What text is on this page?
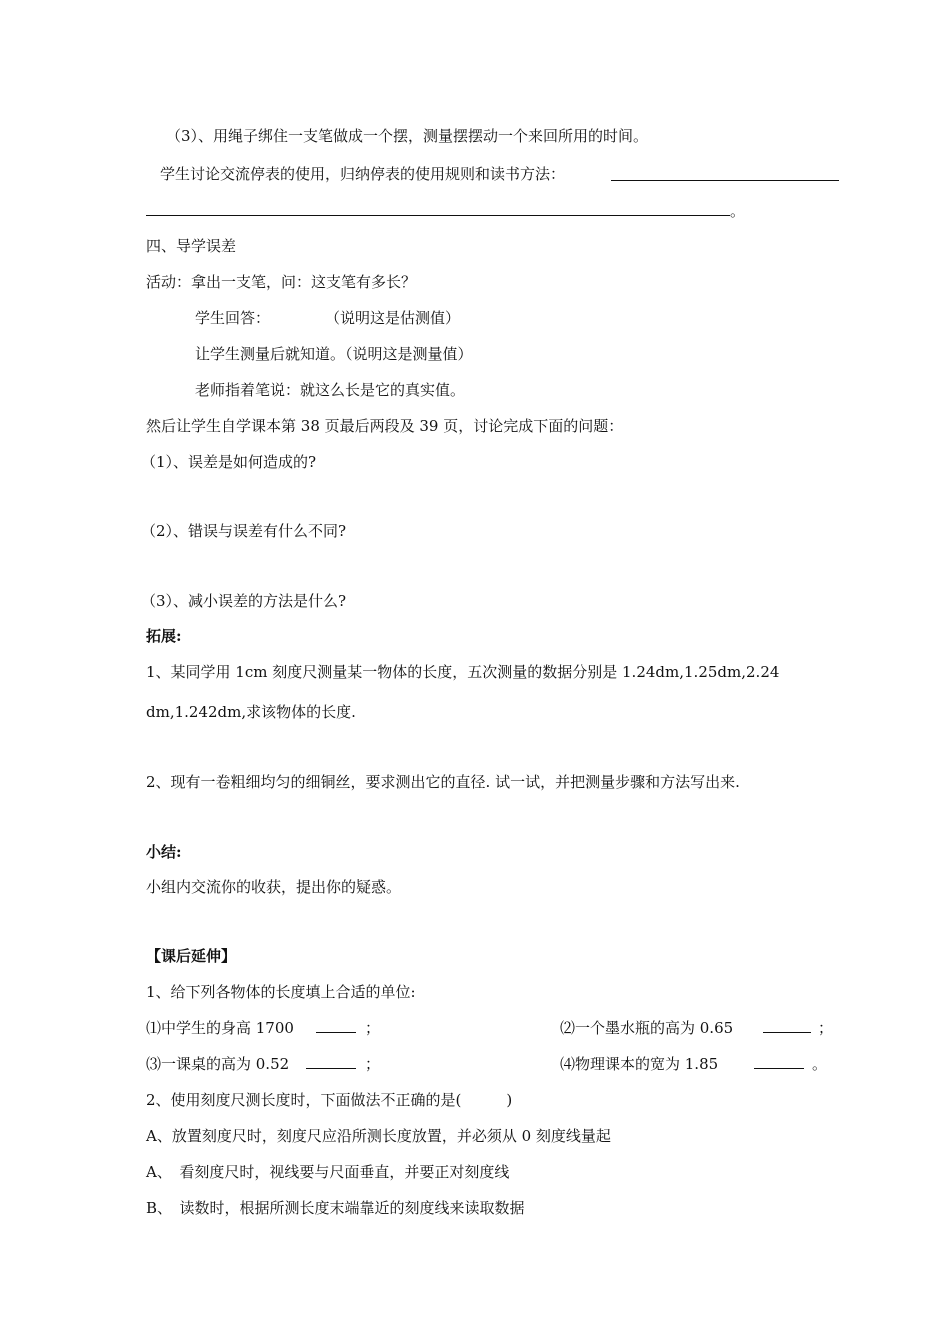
（3）、用绳子绑住一支笔做成一个摆，测量摆摆动一个来回所用的时间。
学生讨论交流停表的使用，归纳停表的使用规则和读书方法：
。
四、导学误差
活动：拿出一支笔，问：这支笔有多长？
学生回答：	（说明这是估测值）
让学生测量后就知道。（说明这是测量值）
老师指着笔说：就这么长是它的真实值。
然后让学生自学课本第 38 页最后两段及 39 页，讨论完成下面的问题：
（1）、误差是如何造成的?
（2）、错误与误差有什么不同?
（3）、减小误差的方法是什么?
拓展:
1、某同学用 1cm 刻度尺测量某一物体的长度，五次测量的数据分别是 1.24dm,1.25dm,2.24
dm,1.242dm,求该物体的长度.
2、现有一卷粗细均匀的细铜丝，要求测出它的直径. 试一试，并把测量步骤和方法写出来.
小结:
小组内交流你的收获，提出你的疑惑。
【课后延伸】
1、给下列各物体的长度填上合适的单位:
⑴中学生的身高 1700	；	⑵一个墨水瓶的高为 0.65	；
⑶一课桌的高为 0.52	；	⑷物理课本的宽为 1.85	。
2、使用刻度尺测长度时，下面做法不正确的是(　　　)
A、放置刻度尺时，刻度尺应沿所测长度放置，并必须从 0 刻度线量起
A、　看刻度尺时，视线要与尺面垂直，并要正对刻度线
B、　读数时，根据所测长度末端靠近的刻度线来读取数据
